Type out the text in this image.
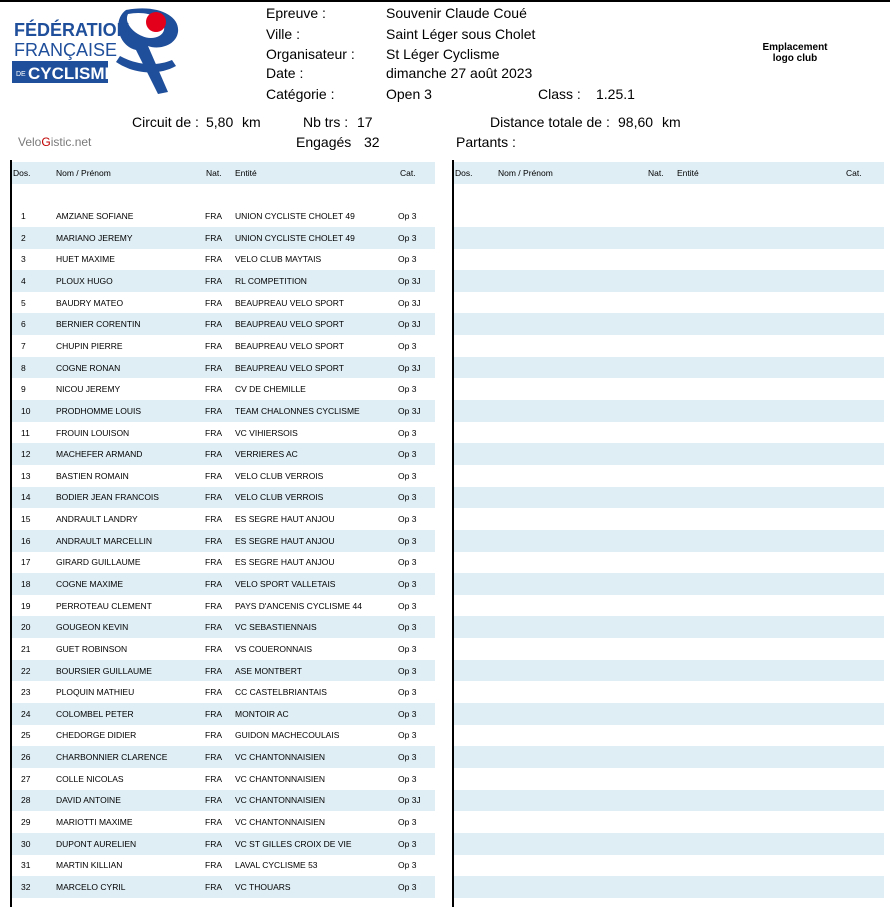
FÉDÉRATION
FRANÇAISE
DE CYCLISME
Epreuve :	Souvenir Claude Coué
Ville :	Saint Léger sous Cholet
Organisateur : St Léger Cyclisme
Date :	dimanche 27 août 2023
Catégorie :	Open 3	Class : 1.25.1
Emplacement
logo club
Circuit de : 5,80 km	Nb trs : 17	Distance totale de : 98,60 km
Engagés 32	Partants :
VeloGistic.net
Dos.	Nom / Prénom	Nat. Entité	Cat.
1	AMZIANE SOFIANE	FRA UNION CYCLISTE CHOLET 49	Op 3
2	MARIANO JEREMY	FRA UNION CYCLISTE CHOLET 49	Op 3
3	HUET MAXIME	FRA VELO CLUB MAYTAIS	Op 3
4	PLOUX HUGO	FRA RL COMPETITION	Op 3J
5	BAUDRY MATEO	FRA BEAUPREAU VELO SPORT	Op 3J
6	BERNIER CORENTIN	FRA BEAUPREAU VELO SPORT	Op 3J
7	CHUPIN PIERRE	FRA BEAUPREAU VELO SPORT	Op 3
8	COGNE RONAN	FRA BEAUPREAU VELO SPORT	Op 3J
9	NICOU JEREMY	FRA CV DE CHEMILLE	Op 3
10	PRODHOMME LOUIS	FRA TEAM CHALONNES CYCLISME	Op 3J
11	FROUIN LOUISON	FRA VC VIHIERSOIS	Op 3
12	MACHEFER ARMAND	FRA VERRIERES AC	Op 3
13	BASTIEN ROMAIN	FRA VELO CLUB VERROIS	Op 3
14	BODIER JEAN FRANCOIS	FRA VELO CLUB VERROIS	Op 3
15	ANDRAULT LANDRY	FRA ES SEGRE HAUT ANJOU	Op 3
16	ANDRAULT MARCELLIN	FRA ES SEGRE HAUT ANJOU	Op 3
17	GIRARD GUILLAUME	FRA ES SEGRE HAUT ANJOU	Op 3
18	COGNE MAXIME	FRA VELO SPORT VALLETAIS	Op 3
19	PERROTEAU CLEMENT	FRA PAYS D'ANCENIS CYCLISME 44	Op 3
20	GOUGEON KEVIN	FRA VC SEBASTIENNAIS	Op 3
21	GUET ROBINSON	FRA VS COUERONNAIS	Op 3
22	BOURSIER GUILLAUME	FRA ASE MONTBERT	Op 3
23	PLOQUIN MATHIEU	FRA CC CASTELBRIANTAIS	Op 3
24	COLOMBEL PETER	FRA MONTOIR AC	Op 3
25	CHEDORGE DIDIER	FRA GUIDON MACHECOULAIS	Op 3
26	CHARBONNIER CLARENCE	FRA VC CHANTONNAISIEN	Op 3
27	COLLE NICOLAS	FRA VC CHANTONNAISIEN	Op 3
28	DAVID ANTOINE	FRA VC CHANTONNAISIEN	Op 3J
29	MARIOTTI MAXIME	FRA VC CHANTONNAISIEN	Op 3
30	DUPONT AURELIEN	FRA VC ST GILLES CROIX DE VIE	Op 3
31	MARTIN KILLIAN	FRA LAVAL CYCLISME 53	Op 3
32	MARCELO CYRIL	FRA VC THOUARS	Op 3
Dos.	Nom / Prénom	Nat. Entité	Cat.
